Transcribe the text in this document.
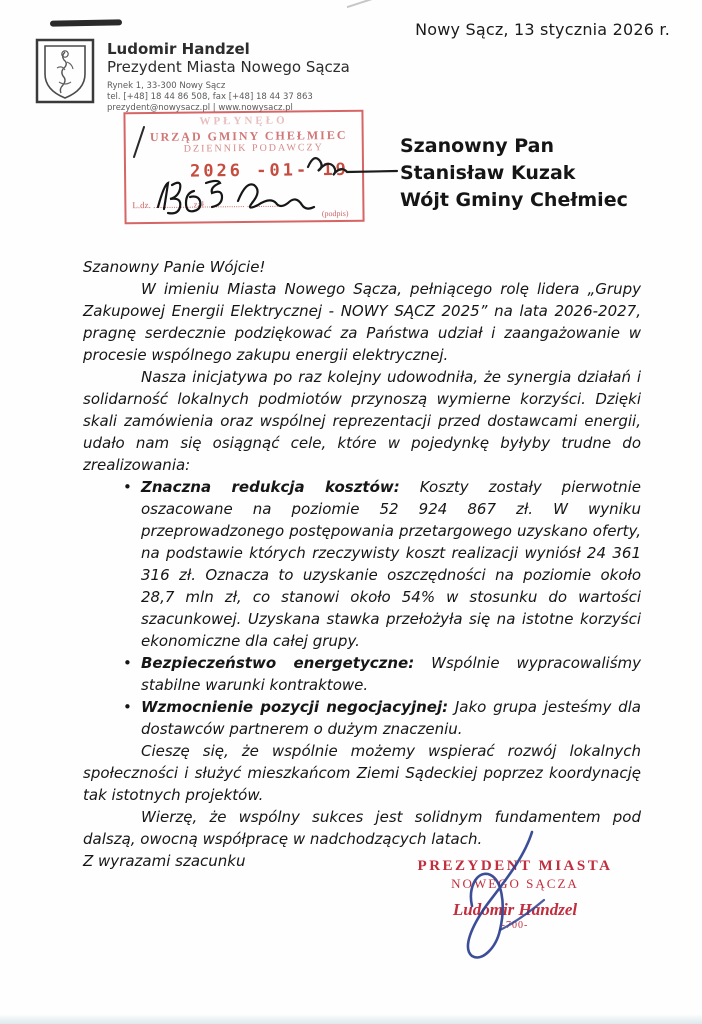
Nowy Sącz, 13 stycznia 2026 r.
Ludomir Handzel
Prezydent Miasta Nowego Sącza
Rynek 1, 33-300 Nowy Sącz
tel. [+48] 18 44 86 508, fax [+48] 18 44 37 863
prezydent@nowysacz.pl | www.nowysacz.pl
WPŁYNĘŁO
URZĄD GMINY CHEŁMIEC
DZIENNIK PODAWCZY
2026 -01- 19
L.dz. ..................zał.................. ..............
(podpis)
Szanowny Pan
Stanisław Kuzak
Wójt Gminy Chełmiec
Szanowny Panie Wójcie!

W imieniu Miasta Nowego Sącza, pełniącego rolę lidera „Grupy Zakupowej Energii Elektrycznej - NOWY SĄCZ 2025” na lata 2026-2027, pragnę serdecznie podziękować za Państwa udział i zaangażowanie w procesie wspólnego zakupu energii elektrycznej.

Nasza inicjatywa po raz kolejny udowodniła, że synergia działań i solidarność lokalnych podmiotów przynoszą wymierne korzyści. Dzięki skali zamówienia oraz wspólnej reprezentacji przed dostawcami energii, udało nam się osiągnąć cele, które w pojedynkę byłyby trudne do zrealizowania:

• Znaczna redukcja kosztów: Koszty zostały pierwotnie oszacowane na poziomie 52 924 867 zł. W wyniku przeprowadzonego postępowania przetargowego uzyskano oferty, na podstawie których rzeczywisty koszt realizacji wyniósł 24 361 316 zł. Oznacza to uzyskanie oszczędności na poziomie około 28,7 mln zł, co stanowi około 54% w stosunku do wartości szacunkowej. Uzyskana stawka przełożyła się na istotne korzyści ekonomiczne dla całej grupy.
• Bezpieczeństwo energetyczne: Wspólnie wypracowaliśmy stabilne warunki kontraktowe.
• Wzmocnienie pozycji negocjacyjnej: Jako grupa jesteśmy dla dostawców partnerem o dużym znaczeniu.

Cieszę się, że wspólnie możemy wspierać rozwój lokalnych społeczności i służyć mieszkańcom Ziemi Sądeckiej poprzez koordynację tak istotnych projektów.

Wierzę, że wspólny sukces jest solidnym fundamentem pod dalszą, owocną współpracę w nadchodzących latach.

Z wyrazami szacunku	PREZYDENT MIASTA
NOWEGO SĄCZA
Ludomir Handzel
-700-
